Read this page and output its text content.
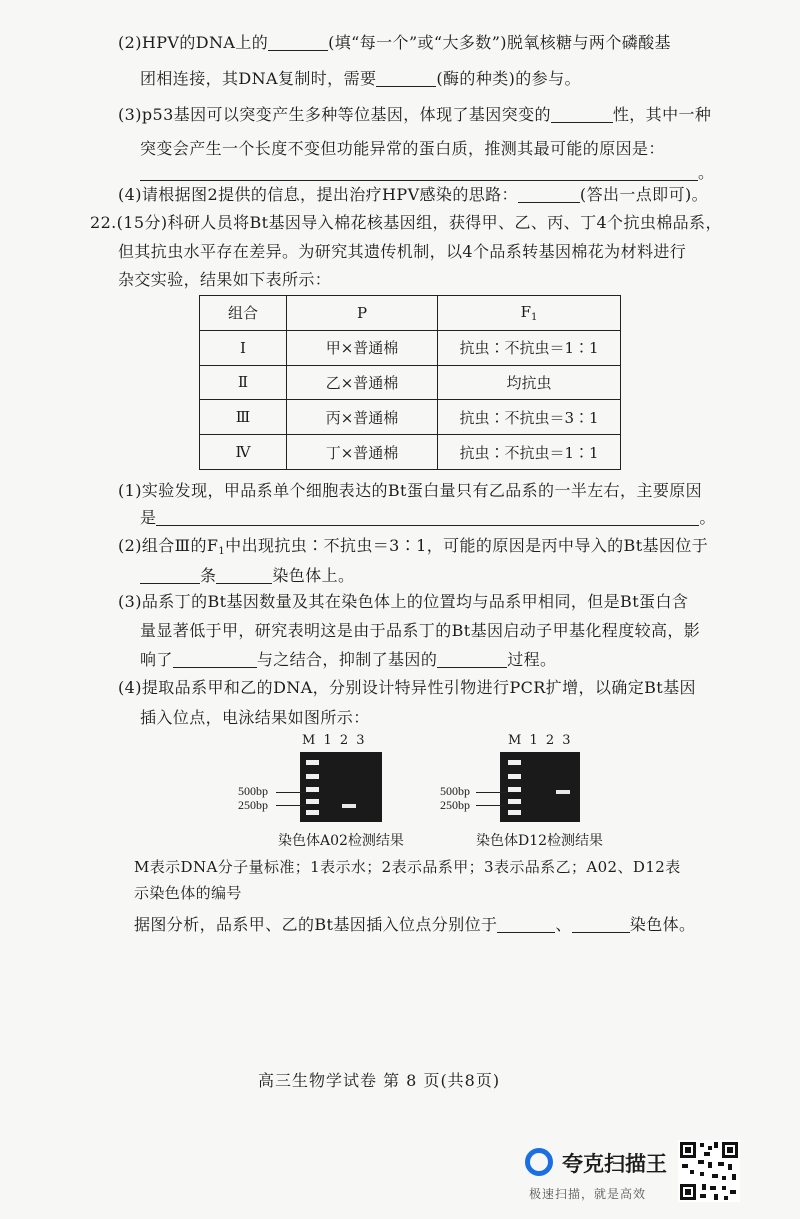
(2)HPV的DNA上的	(填“每一个”或“大多数”)脱氧核糖与两个磷酸基
团相连接，其DNA复制时，需要	(酶的种类)的参与。
(3)p53基因可以突变产生多种等位基因，体现了基因突变的	性，其中一种
突变会产生一个长度不变但功能异常的蛋白质，推测其最可能的原因是：
。
(4)请根据图2提供的信息，提出治疗HPV感染的思路：	(答出一点即可)。
22.(15分)科研人员将Bt基因导入棉花核基因组，获得甲、乙、丙、丁4个抗虫棉品系，
但其抗虫水平存在差异。为研究其遗传机制，以4个品系转基因棉花为材料进行
杂交实验，结果如下表所示：
组合	P	$F_1$
Ⅰ	甲×普通棉	抗虫∶不抗虫＝1∶1
Ⅱ	乙×普通棉	均抗虫
Ⅲ	丙×普通棉	抗虫∶不抗虫＝3∶1
Ⅳ	丁×普通棉	抗虫∶不抗虫＝1∶1
(1)实验发现，甲品系单个细胞表达的Bt蛋白量只有乙品系的一半左右，主要原因
是	。
(2)组合Ⅲ的$F_1$中出现抗虫∶不抗虫＝3∶1，可能的原因是丙中导入的Bt基因位于
条	染色体上。
(3)品系丁的Bt基因数量及其在染色体上的位置均与品系甲相同，但是Bt蛋白含
量显著低于甲，研究表明这是由于品系丁的Bt基因启动子甲基化程度较高，影
响了	与之结合，抑制了基因的	过程。
(4)提取品系甲和乙的DNA，分别设计特异性引物进行PCR扩增，以确定Bt基因
插入位点，电泳结果如图所示：
M 1 2 3
500bp
250bp
染色体A02检测结果
M 1 2 3
500bp
250bp
染色体D12检测结果
M表示DNA分子量标准；1表示水；2表示品系甲；3表示品系乙；A02、D12表
示染色体的编号
据图分析，品系甲、乙的Bt基因插入位点分别位于	、	染色体。
高三生物学试卷 第 8 页(共8页)
夸克扫描王
极速扫描，就是高效
